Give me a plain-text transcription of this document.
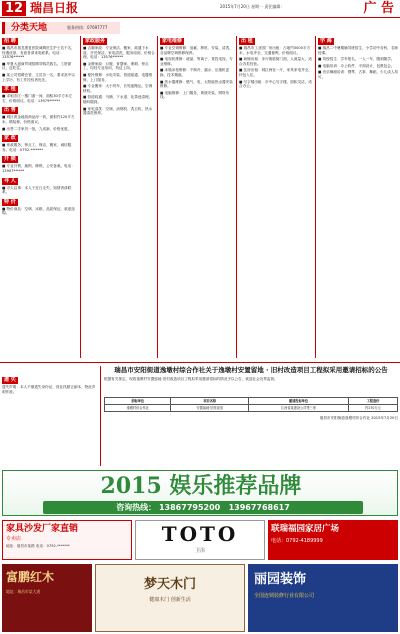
12 瑞昌日报	2015年7月20日 星期一 责任编辑：	广 告
分类天地	服务热线：07697777
招 聘

■ 瑞昌市晟龙康复医院诚聘医生护士若干名，待遇优厚，有意者请来电联系。电话：13576******

■ 华夏大道商贸城招聘导购员数名，工资面议，包吃住。

■ 某公司招聘仓管、文员各一名，要求高中以上学历，有工作经验者优先。

求 租

■ 求租市区一楼门面一间，面积30平方米左右，价格面议。电话：13979******

出 售

■ 城区黄金地段商品房一套，面积约120平方米，精装修，价格面议。

■ 出售二手家具一批，九成新，价格优惠。

家 政

■ 家政服务，钟点工、保洁、搬家，诚信服务。电话：0792-*******

开 锁

■ 专业开锁、换锁、修锁，公安备案。电话：13907******

寻 人

■ 寻人启事：本人于近日走失，知情者请联系。

特 价

■ 特价商品：空调、冰箱，品质保证，欢迎选购。

家政服务

■ 吉顺家政：专业保洁、搬家、疏通下水道、开荒保洁、家电清洗，服务周到，价格合理。电话：13576******

■ 金牌家政：月嫂、育婴师、保姆、钟点工，均经专业培训，持证上岗。

■ 便民维修：水电安装、管道疏通、电器维修，上门服务。

■ 专业搬家：大小货车、长短途搬运，空调移机。

■ 管道疏通：马桶、下水道、化粪池清理，随叫随到。

■ 家电清洗：空调、油烟机、洗衣机、热水器清洗保养。

家电维修

■ 专业空调维修：加氟、移机、安装、清洗，各品牌空调维修保养。

■ 电视机维修：液晶、等离子、背投电视，专业维修。

■ 冰箱冰柜维修：不制冷、漏水、压缩机更换，技术精湛。

■ 热水器维修：燃气、电、太阳能热水器安装维修。

■ 电脑维修：上门服务，系统安装，网络布线。

出 租

■ 瑞昌市工业园厂房出租：占地约5000平方米，水电齐全，交通便利，价格面议。

■ 商铺出租：步行街临街门面，人流量大，适合各类经营。

■ 住房出租：城区两室一厅，家具家电齐全，拎包入住。

■ 写字楼出租：市中心写字楼，面积灵活，适合办公。

学 海

■ 瑞昌二中暑期辅导班招生，小学初中各科，名师授课。

■ 驾校招生：学车报名，一人一车，随到随学。

■ 电脑培训：办公软件、平面设计，包教包会。

■ 音乐舞蹈培训：钢琴、古筝、舞蹈，少儿成人均可。

遗 失
遗失声明：本人不慎遗失身份证、营业执照正副本，特此声明作废。
瑞昌市安阳街道逸墩村综合作社关于逸墩村安置留地 · 旧村改造项目工程拟采用邀请招标的公告
根据有关规定，现将逸墩村安置留地·旧村改造项目工程拟采用邀请招标的情况予以公告，欢迎社会各界监督。
招标单位	项目名称	邀请投标单位	工程造价
逸墩村综合作社	安置留地·旧村改造	江西省某建设公司等三家	约270万元
瑞昌市安阳街道逸墩村综合作社 2015年7月20日
2015 娱乐推荐品牌
咨询热线： 13867795200 13967768617
家具沙发厂家直销
专卖店
地址：瑞昌市某路 电话：0792-*******	TOTO
卫浴
联瑞福园家居广场
电话：0792-4189999
富鹏红木
地址：瑞昌市某大道	梦天木门
健康木门 创新生活
丽园装饰
全国连锁装修行业有限公司
